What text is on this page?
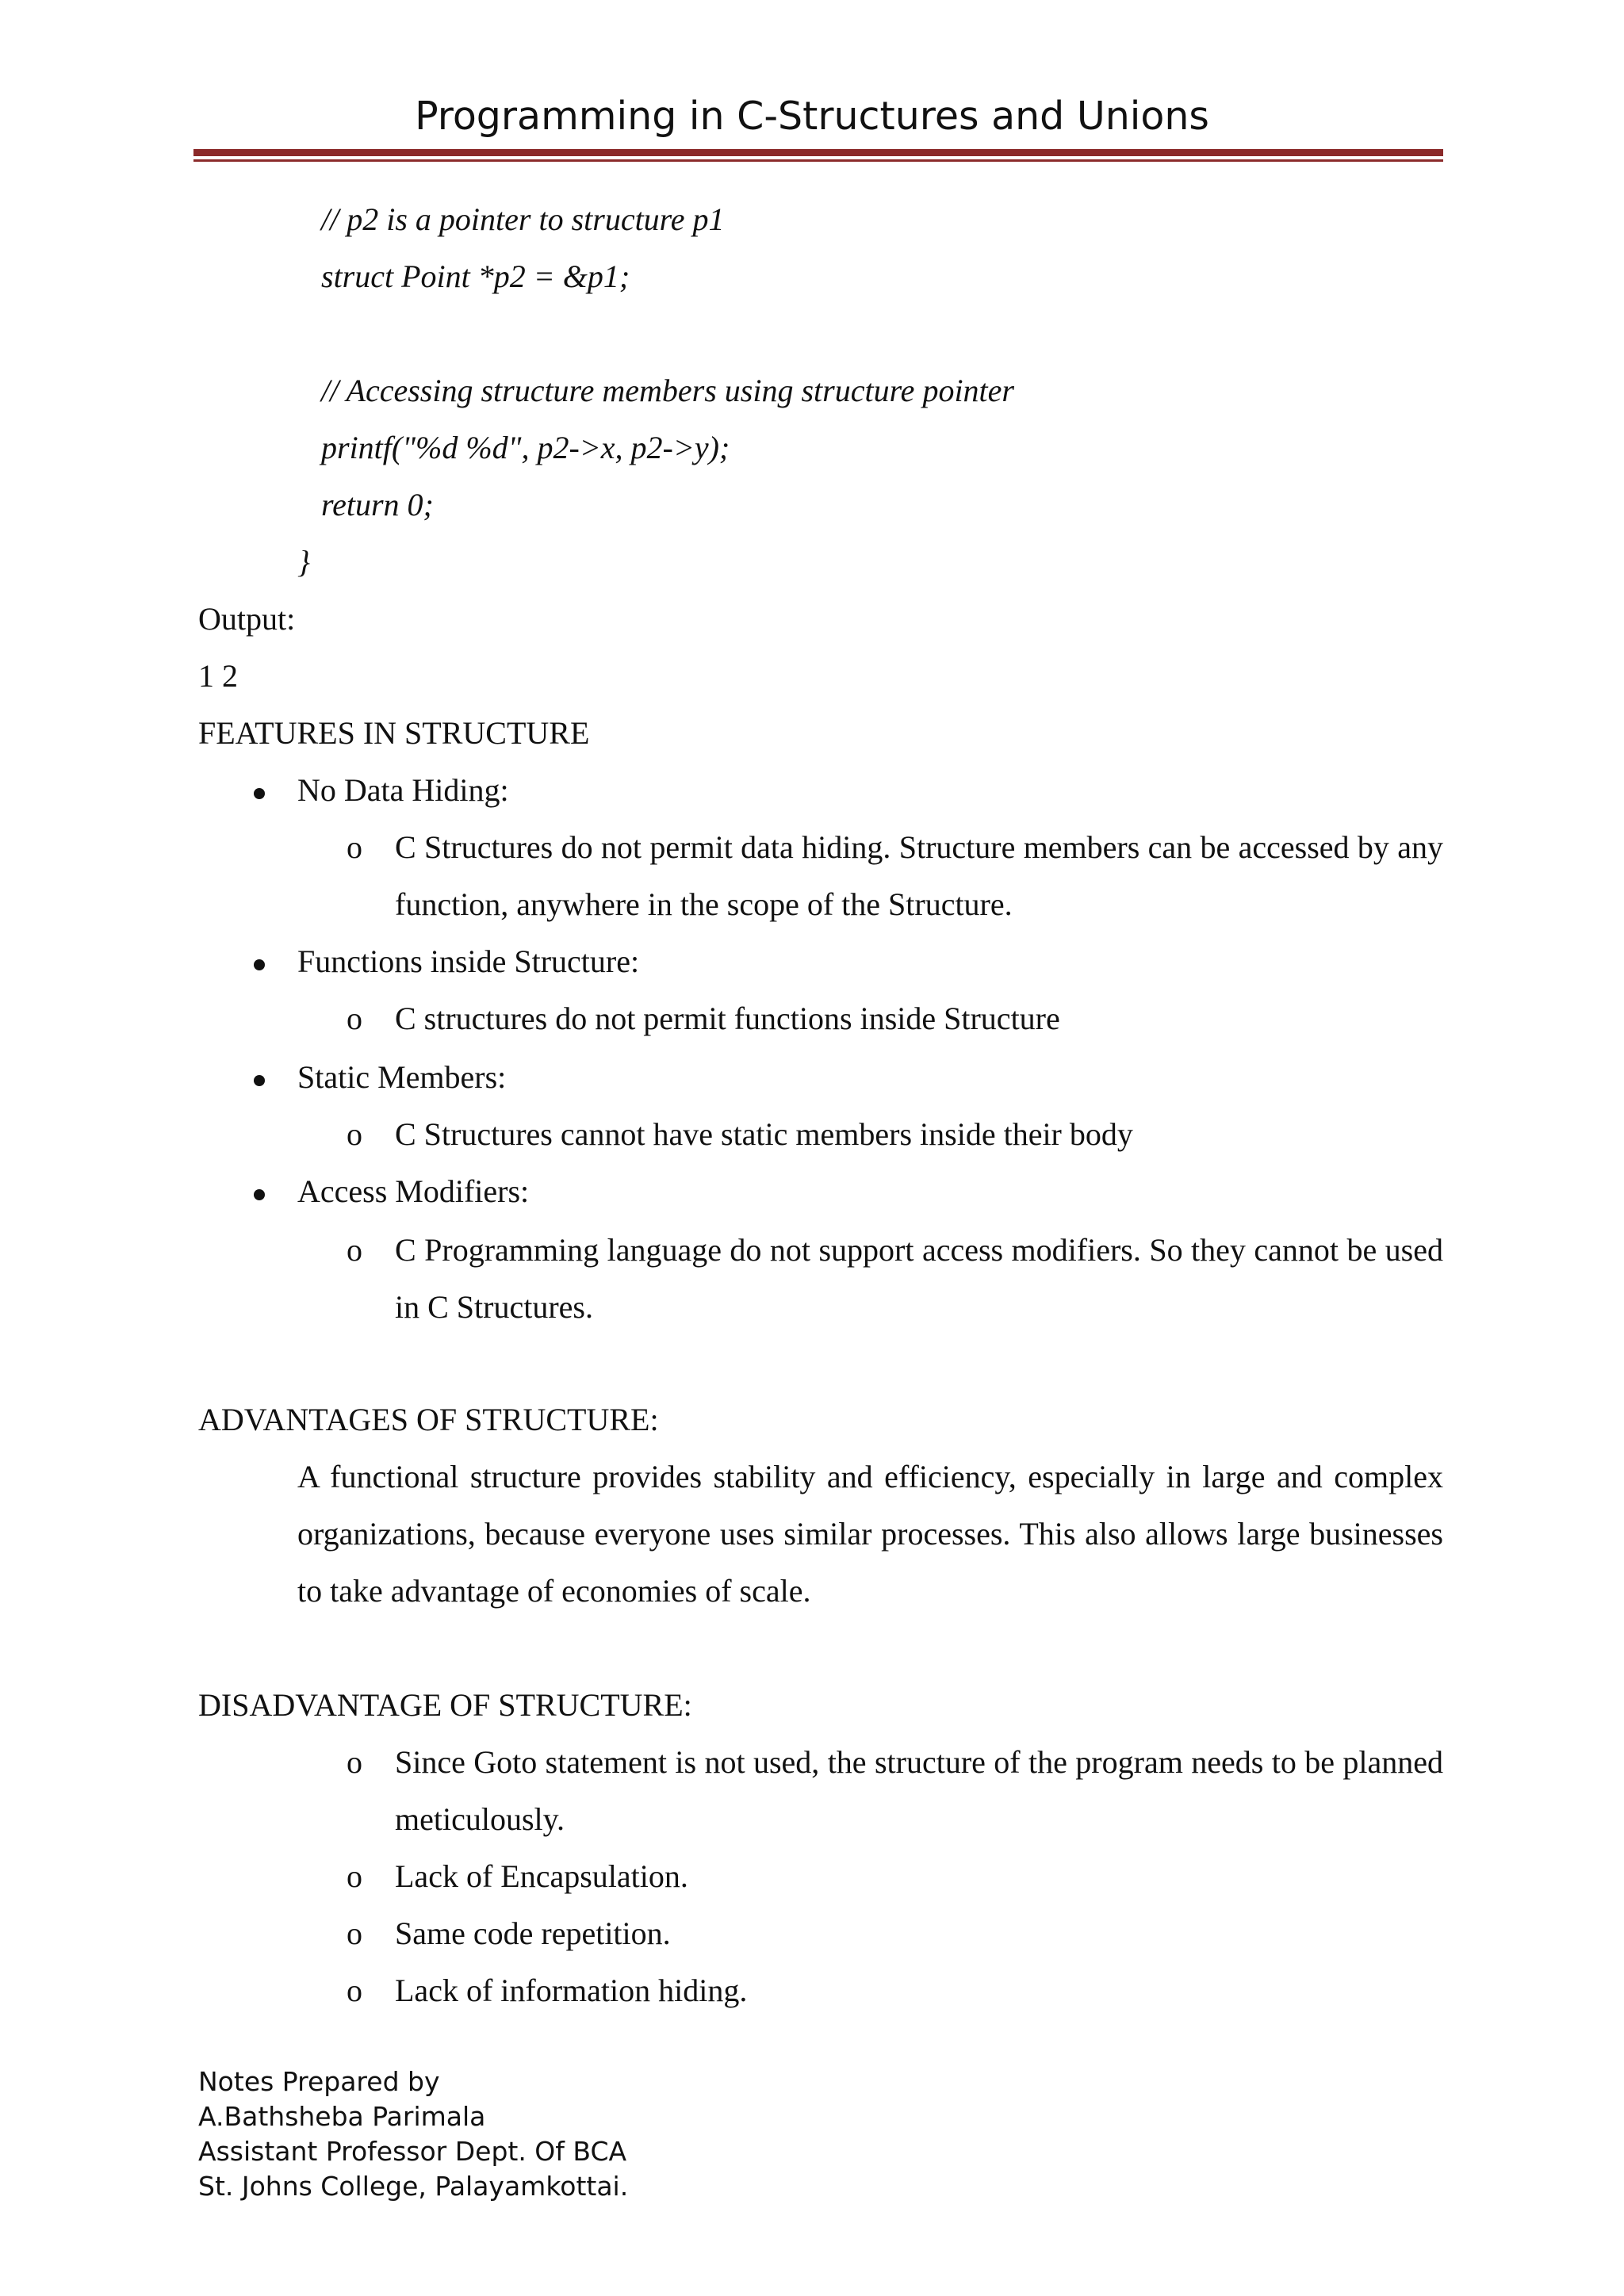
Programming in C-Structures and Unions
// p2 is a pointer to structure p1
struct Point *p2 = &p1;
// Accessing structure members using structure pointer
printf("%d %d", p2->x, p2->y);
return 0;
}
Output:
1 2
FEATURES IN STRUCTURE
No Data Hiding:
o C Structures do not permit data hiding. Structure members can be accessed by any function, anywhere in the scope of the Structure.
Functions inside Structure:
o C structures do not permit functions inside Structure
Static Members:
o C Structures cannot have static members inside their body
Access Modifiers:
o C Programming language do not support access modifiers. So they cannot be used in C Structures.
ADVANTAGES OF STRUCTURE:
A functional structure provides stability and efficiency, especially in large and complex organizations, because everyone uses similar processes. This also allows large businesses to take advantage of economies of scale.
DISADVANTAGE OF STRUCTURE:
o Since Goto statement is not used, the structure of the program needs to be planned meticulously.
o Lack of Encapsulation.
o Same code repetition.
o Lack of information hiding.
Notes Prepared by
A.Bathsheba Parimala
Assistant Professor Dept. Of BCA
St. Johns College, Palayamkottai.
